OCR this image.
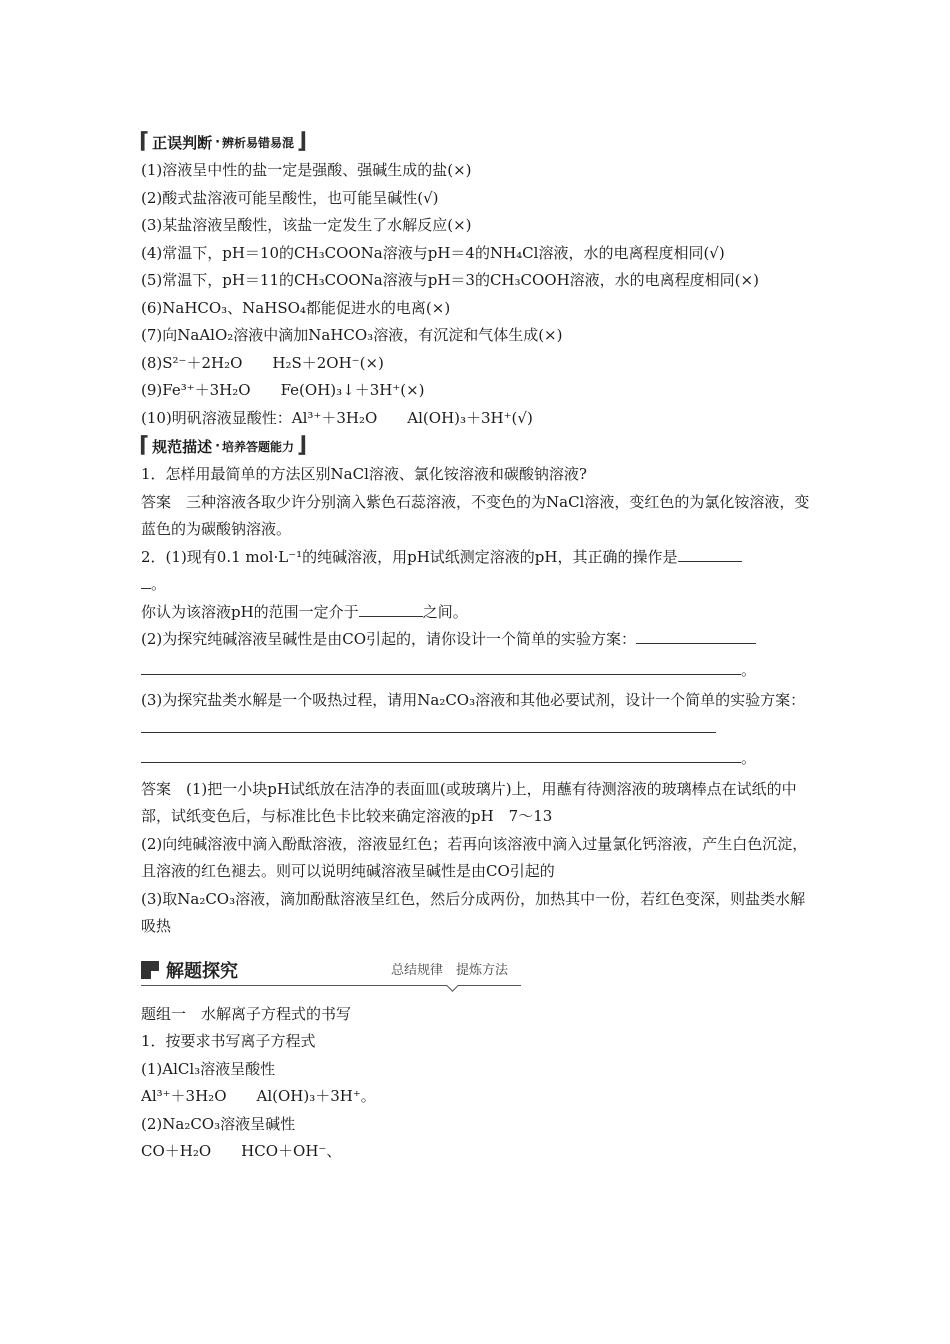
⌈ 正误判断 · 辨析易错易混 ⌋
(1)溶液呈中性的盐一定是强酸、强碱生成的盐(×)
(2)酸式盐溶液可能呈酸性，也可能呈碱性(√)
(3)某盐溶液呈酸性，该盐一定发生了水解反应(×)
(4)常温下，pH＝10的CH₃COONa溶液与pH＝4的NH₄Cl溶液，水的电离程度相同(√)
(5)常温下，pH＝11的CH₃COONa溶液与pH＝3的CH₃COOH溶液，水的电离程度相同(×)
(6)NaHCO₃、NaHSO₄都能促进水的电离(×)
(7)向NaAlO₂溶液中滴加NaHCO₃溶液，有沉淀和气体生成(×)
(8)S²⁻＋2H₂O　　H₂S＋2OH⁻(×)
(9)Fe³⁺＋3H₂O　　Fe(OH)₃↓＋3H⁺(×)
(10)明矾溶液显酸性：Al³⁺＋3H₂O　　Al(OH)₃＋3H⁺(√)
⌈ 规范描述 · 培养答题能力 ⌋
1．怎样用最简单的方法区别NaCl溶液、氯化铵溶液和碳酸钠溶液?
答案　三种溶液各取少许分别滴入紫色石蕊溶液，不变色的为NaCl溶液，变红色的为氯化铵溶液，变蓝色的为碳酸钠溶液。
2．(1)现有0.1 mol·L⁻¹的纯碱溶液，用pH试纸测定溶液的pH，其正确的操作是
。
你认为该溶液pH的范围一定介于	之间。
(2)为探究纯碱溶液呈碱性是由CO引起的，请你设计一个简单的实验方案：
。
(3)为探究盐类水解是一个吸热过程，请用Na₂CO₃溶液和其他必要试剂，设计一个简单的实验方案：
。
答案　(1)把一小块pH试纸放在洁净的表面皿(或玻璃片)上，用蘸有待测溶液的玻璃棒点在试纸的中部，试纸变色后，与标准比色卡比较来确定溶液的pH　7～13
(2)向纯碱溶液中滴入酚酞溶液，溶液显红色；若再向该溶液中滴入过量氯化钙溶液，产生白色沉淀，且溶液的红色褪去。则可以说明纯碱溶液呈碱性是由CO引起的
(3)取Na₂CO₃溶液，滴加酚酞溶液呈红色，然后分成两份，加热其中一份，若红色变深，则盐类水解吸热
解题探究	总结规律　提炼方法
题组一　水解离子方程式的书写
1．按要求书写离子方程式
(1)AlCl₃溶液呈酸性
Al³⁺＋3H₂O　　Al(OH)₃＋3H⁺。
(2)Na₂CO₃溶液呈碱性
CO＋H₂O　　HCO＋OH⁻、
